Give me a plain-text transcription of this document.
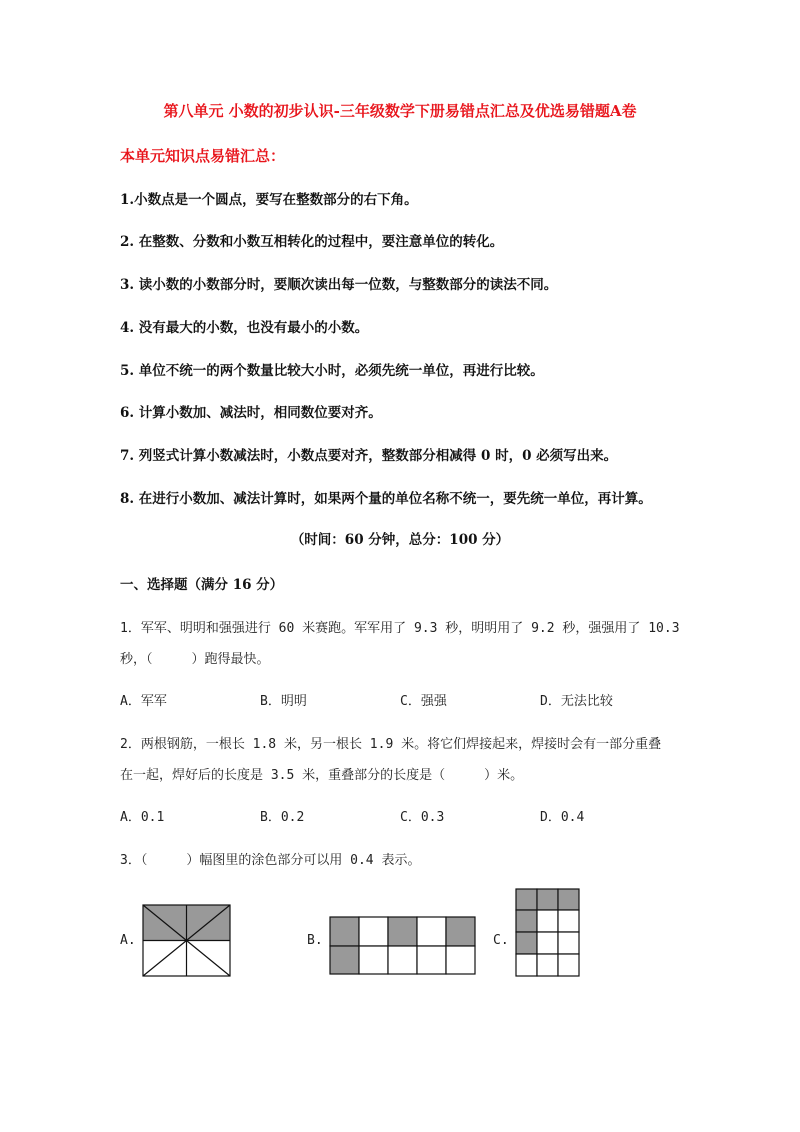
第八单元 小数的初步认识-三年级数学下册易错点汇总及优选易错题A卷
本单元知识点易错汇总：
1.小数点是一个圆点，要写在整数部分的右下角。
2. 在整数、分数和小数互相转化的过程中，要注意单位的转化。
3. 读小数的小数部分时，要顺次读出每一位数，与整数部分的读法不同。
4. 没有最大的小数，也没有最小的小数。
5. 单位不统一的两个数量比较大小时，必须先统一单位，再进行比较。
6. 计算小数加、减法时，相同数位要对齐。
7. 列竖式计算小数减法时，小数点要对齐，整数部分相减得 0 时，0 必须写出来。
8. 在进行小数加、减法计算时，如果两个量的单位名称不统一，要先统一单位，再计算。
（时间：60 分钟，总分：100 分）
一、选择题（满分 16 分）
1．军军、明明和强强进行 60 米赛跑。军军用了 9.3 秒，明明用了 9.2 秒，强强用了 10.3
秒，（　　　）跑得最快。
A．军军	B．明明	C．强强	D．无法比较
2．两根钢筋，一根长 1.8 米，另一根长 1.9 米。将它们焊接起来，焊接时会有一部分重叠
在一起，焊好后的长度是 3.5 米，重叠部分的长度是（　　　）米。
A．0.1	B．0.2	C．0.3	D．0.4
3．（　　　）幅图里的涂色部分可以用 0.4 表示。
A.	B.	C.
